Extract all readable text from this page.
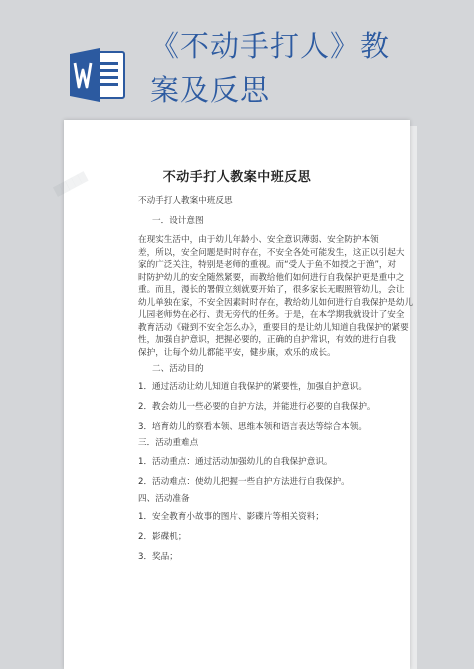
《不动手打人》教
案及反思
█████	不动手打人教案中班反思
不动手打人教案中班反思
一．设计意图
在现实生活中，由于幼儿年龄小、安全意识薄弱、安全防护本领
差，所以，安全问题是时时存在，不安全各处可能发生，这正以引起大
家的广泛关注，特别是老师的重视。而“受人于鱼不如授之于渔”，对
时防护幼儿的安全随然紧要，而教给他们如何进行自我保护更是重中之
重。而且，漫长的署假立刻就要开始了，很多家长无暇照管幼儿，会让
幼儿单独在家，不安全因素时时存在，教给幼儿如何进行自我保护是幼儿
儿园老师势在必行、责无旁代的任务。于是，在本学期我就设计了安全
教育活动《碰到不安全怎么办》，重要目的是让幼儿知道自我保护的紧要
性，加强自护意识，把握必要的，正确的自护常识，有效的进行自我
保护，让每个幼儿都能平安，健步康，欢乐的成长。
二、活动目的
1．通过活动让幼儿知道自我保护的紧要性，加强自护意识。
2．教会幼儿一些必要的自护方法，并能进行必要的自我保护。
3．培育幼儿的察看本领、思维本领和语言表达等综合本领。
三．活动重难点
1．活动重点：通过活动加强幼儿的自我保护意识。
2．活动难点：使幼儿把握一些自护方法进行自我保护。
四、活动准备
1．安全教育小故事的图片、影碟片等相关资料；
2．影碟机；
3．奖品；
